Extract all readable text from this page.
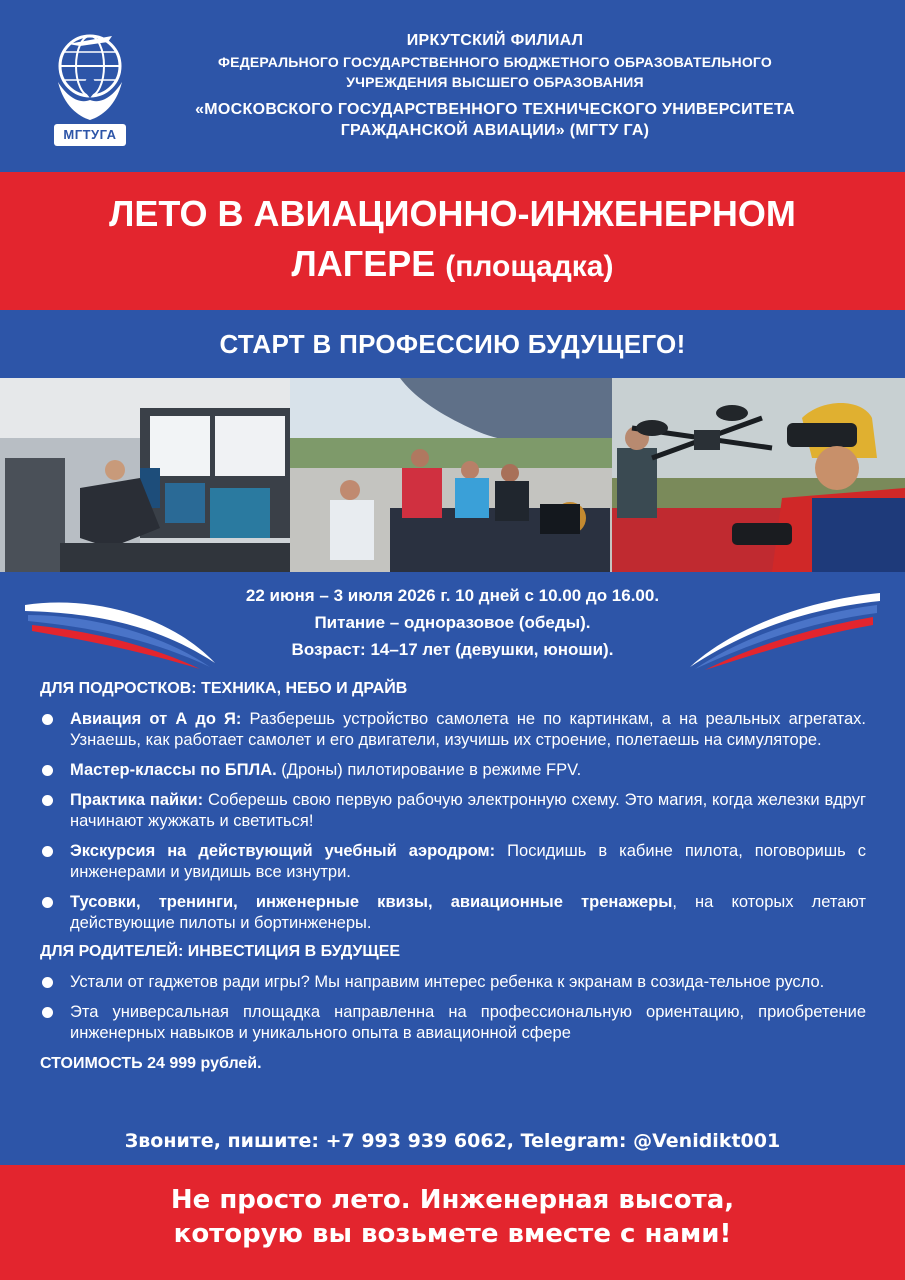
МГТУГА
ИРКУТСКИЙ ФИЛИАЛ
ФЕДЕРАЛЬНОГО ГОСУДАРСТВЕННОГО БЮДЖЕТНОГО ОБРАЗОВАТЕЛЬНОГО
УЧРЕЖДЕНИЯ ВЫСШЕГО ОБРАЗОВАНИЯ
«МОСКОВСКОГО ГОСУДАРСТВЕННОГО ТЕХНИЧЕСКОГО УНИВЕРСИТЕТА
ГРАЖДАНСКОЙ АВИАЦИИ» (МГТУ ГА)
ЛЕТО В АВИАЦИОННО-ИНЖЕНЕРНОМ
ЛАГЕРЕ (площадка)
СТАРТ В ПРОФЕССИЮ БУДУЩЕГО!
22 июня – 3 июля 2026 г. 10 дней с 10.00 до 16.00.
Питание – одноразовое (обеды).
Возраст: 14–17 лет (девушки, юноши).
ДЛЯ ПОДРОСТКОВ: ТЕХНИКА, НЕБО И ДРАЙВ
Авиация от А до Я: Разберешь устройство самолета не по картинкам, а на реальных агрегатах. Узнаешь, как работает самолет и его двигатели, изучишь их строение, полетаешь на симуляторе.
Мастер-классы по БПЛА. (Дроны) пилотирование в режиме FPV.
Практика пайки: Соберешь свою первую рабочую электронную схему. Это магия, когда железки вдруг начинают жужжать и светиться!
Экскурсия на действующий учебный аэродром: Посидишь в кабине пилота, поговоришь с инженерами и увидишь все изнутри.
Тусовки, тренинги, инженерные квизы, авиационные тренажеры, на которых летают действующие пилоты и бортинженеры.
ДЛЯ РОДИТЕЛЕЙ: ИНВЕСТИЦИЯ В БУДУЩЕЕ
Устали от гаджетов ради игры? Мы направим интерес ребенка к экранам в созида-тельное русло.
Эта универсальная площадка направленна на профессиональную ориентацию, приобретение инженерных навыков и уникального опыта в авиационной сфере
СТОИМОСТЬ 24 999 рублей.
Звоните, пишите: +7 993 939 6062, Telegram: @Venidikt001
Не просто лето. Инженерная высота,
которую вы возьмете вместе с нами!
